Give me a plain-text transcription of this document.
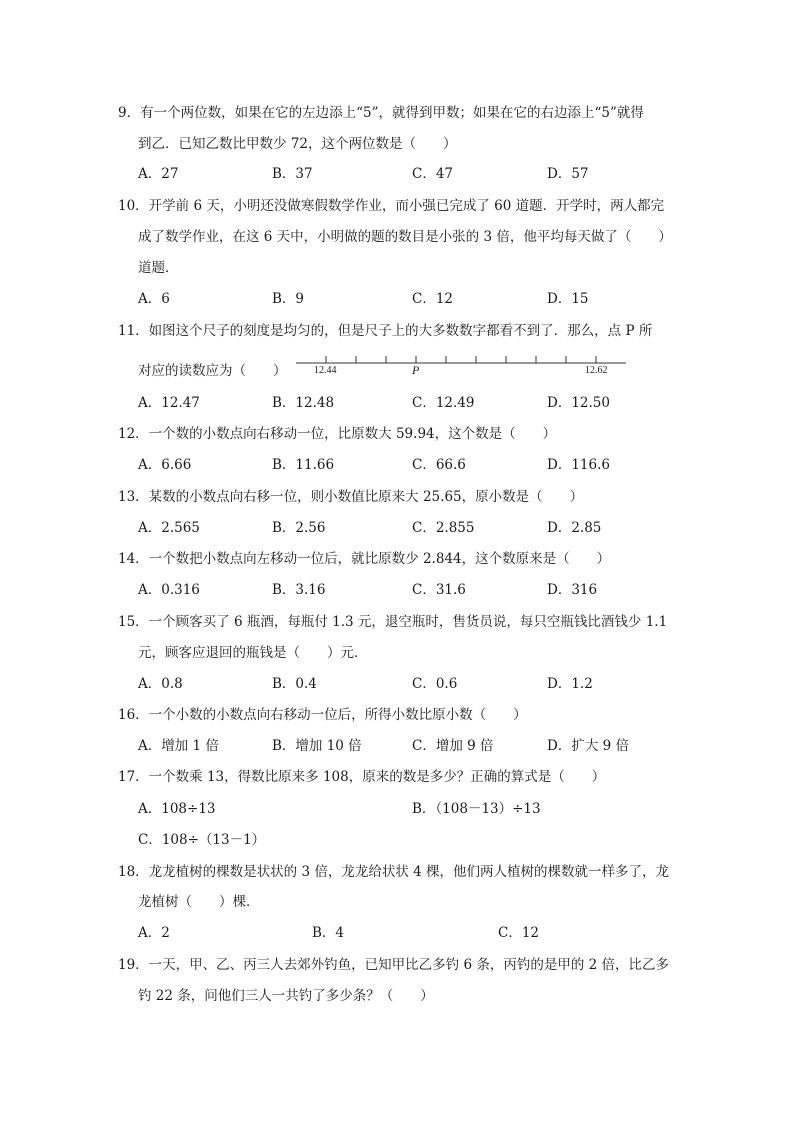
9．有一个两位数，如果在它的左边添上“5”，就得到甲数；如果在它的右边添上“5”就得
到乙．已知乙数比甲数少 72，这个两位数是（　　）
A．27	B．37	C．47	D．57
10．开学前 6 天，小明还没做寒假数学作业，而小强已完成了 60 道题．开学时，两人都完
成了数学作业，在这 6 天中，小明做的题的数目是小张的 3 倍，他平均每天做了（　　）
道题．
A．6	B．9	C．12	D．15
11．如图这个尺子的刻度是均匀的，但是尺子上的大多数数字都看不到了．那么，点 P 所
对应的读数应为（　　）	12.44	P	12.62
A．12.47	B．12.48	C．12.49	D．12.50
12．一个数的小数点向右移动一位，比原数大 59.94，这个数是（　　）
A．6.66	B．11.66	C．66.6	D．116.6
13．某数的小数点向右移一位，则小数值比原来大 25.65，原小数是（　　）
A．2.565	B．2.56	C．2.855	D．2.85
14．一个数把小数点向左移动一位后，就比原数少 2.844，这个数原来是（　　）
A．0.316	B．3.16	C．31.6	D．316
15．一个顾客买了 6 瓶酒，每瓶付 1.3 元，退空瓶时，售货员说，每只空瓶钱比酒钱少 1.1
元，顾客应退回的瓶钱是（　　）元．
A．0.8	B．0.4	C．0.6	D．1.2
16．一个小数的小数点向右移动一位后，所得小数比原小数（　　）
A．增加 1 倍	B．增加 10 倍	C．增加 9 倍	D．扩大 9 倍
17．一个数乘 13，得数比原来多 108，原来的数是多少？正确的算式是（　　）
A．108÷13	B．（108－13）÷13
C．108÷（13－1）
18．龙龙植树的棵数是状状的 3 倍，龙龙给状状 4 棵，他们两人植树的棵数就一样多了，龙
龙植树（　　）棵．
A．2	B．4	C．12
19．一天，甲、乙、丙三人去郊外钓鱼，已知甲比乙多钓 6 条，丙钓的是甲的 2 倍，比乙多
钓 22 条，问他们三人一共钓了多少条？（　　）
